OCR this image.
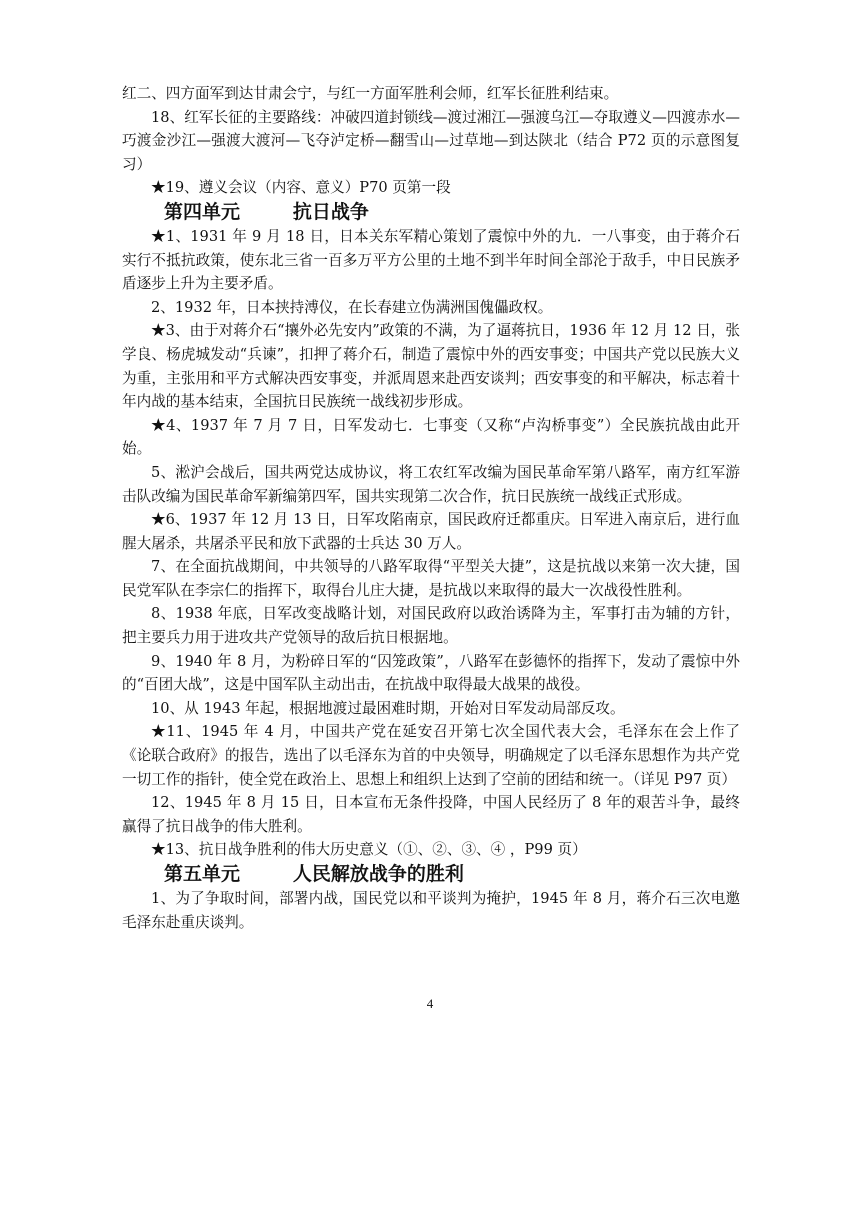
红二、四方面军到达甘肃会宁，与红一方面军胜利会师，红军长征胜利结束。

18、红军长征的主要路线：冲破四道封锁线—渡过湘江—强渡乌江—夺取遵义—四渡赤水—巧渡金沙江—强渡大渡河—飞夺泸定桥—翻雪山—过草地—到达陕北（结合 P72 页的示意图复习）

★19、遵义会议（内容、意义）P70 页第一段

第四单元        抗日战争

★1、1931 年 9 月 18 日，日本关东军精心策划了震惊中外的九．一八事变，由于蒋介石实行不抵抗政策，使东北三省一百多万平方公里的土地不到半年时间全部沦于敌手，中日民族矛盾逐步上升为主要矛盾。

2、1932 年，日本挟持溥仪，在长春建立伪满洲国傀儡政权。

★3、由于对蒋介石“攘外必先安内”政策的不满，为了逼蒋抗日，1936 年 12 月 12 日，张学良、杨虎城发动“兵谏”，扣押了蒋介石，制造了震惊中外的西安事变；中国共产党以民族大义为重，主张用和平方式解决西安事变，并派周恩来赴西安谈判；西安事变的和平解决，标志着十年内战的基本结束，全国抗日民族统一战线初步形成。

★4、1937 年 7 月 7 日，日军发动七．七事变（又称“卢沟桥事变”）全民族抗战由此开始。

5、淞沪会战后，国共两党达成协议，将工农红军改编为国民革命军第八路军，南方红军游击队改编为国民革命军新编第四军，国共实现第二次合作，抗日民族统一战线正式形成。

★6、1937 年 12 月 13 日，日军攻陷南京，国民政府迁都重庆。日军进入南京后，进行血腥大屠杀，共屠杀平民和放下武器的士兵达 30 万人。

7、在全面抗战期间，中共领导的八路军取得“平型关大捷”，这是抗战以来第一次大捷，国民党军队在李宗仁的指挥下，取得台儿庄大捷，是抗战以来取得的最大一次战役性胜利。

8、1938 年底，日军改变战略计划，对国民政府以政治诱降为主，军事打击为辅的方针，把主要兵力用于进攻共产党领导的敌后抗日根据地。

9、1940 年 8 月，为粉碎日军的“囚笼政策”，八路军在彭德怀的指挥下，发动了震惊中外的“百团大战”，这是中国军队主动出击，在抗战中取得最大战果的战役。

10、从 1943 年起，根据地渡过最困难时期，开始对日军发动局部反攻。

★11、1945 年 4 月，中国共产党在延安召开第七次全国代表大会，毛泽东在会上作了《论联合政府》的报告，选出了以毛泽东为首的中央领导，明确规定了以毛泽东思想作为共产党一切工作的指针，使全党在政治上、思想上和组织上达到了空前的团结和统一。（详见 P97 页）

12、1945 年 8 月 15 日，日本宣布无条件投降，中国人民经历了 8 年的艰苦斗争，最终赢得了抗日战争的伟大胜利。

★13、抗日战争胜利的伟大历史意义（①、②、③、④ ，P99 页）

第五单元        人民解放战争的胜利

1、为了争取时间，部署内战，国民党以和平谈判为掩护，1945 年 8 月，蒋介石三次电邀毛泽东赴重庆谈判。

4
